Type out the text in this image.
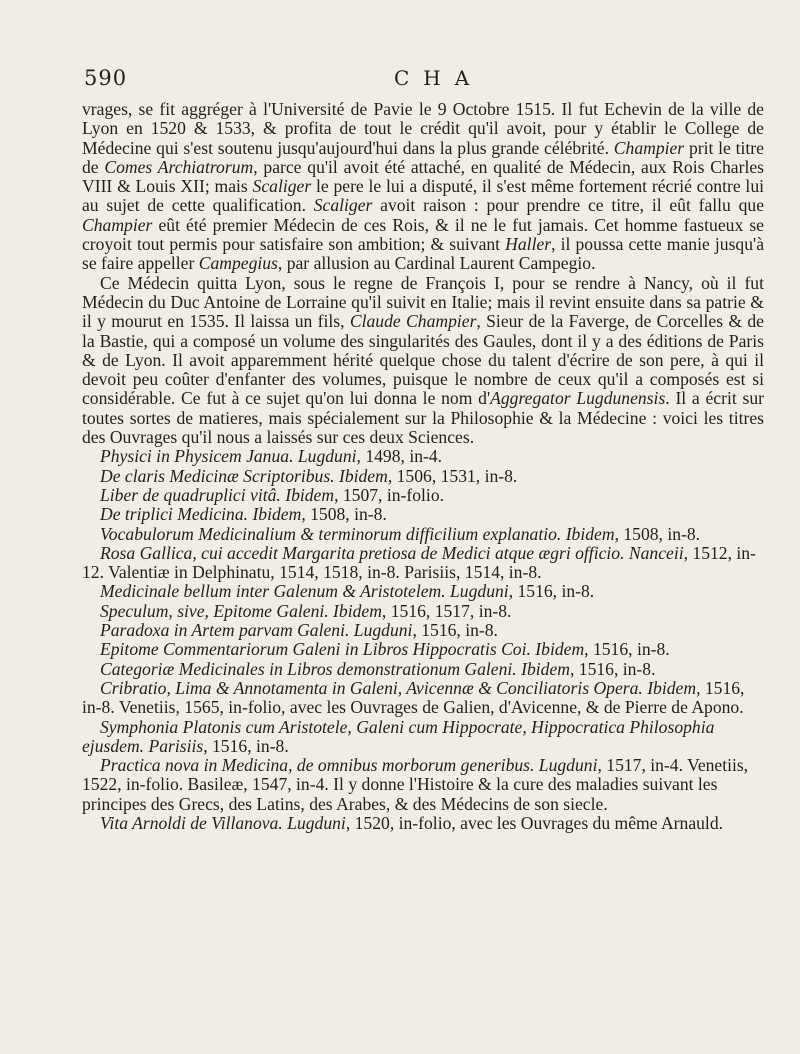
590	CHA

vrages, se fit aggréger à l'Université de Pavie le 9 Octobre 1515. Il fut Echevin de la ville de Lyon en 1520 & 1533, & profita de tout le crédit qu'il avoit, pour y établir le College de Médecine qui s'est soutenu jusqu'aujourd'hui dans la plus grande célébrité. Champier prit le titre de Comes Archiatrorum, parce qu'il avoit été attaché, en qualité de Médecin, aux Rois Charles VIII & Louis XII; mais Scaliger le pere le lui a disputé, il s'est même fortement récrié contre lui au sujet de cette qualification. Scaliger avoit raison : pour prendre ce titre, il eût fallu que Champier eût été premier Médecin de ces Rois, & il ne le fut jamais. Cet homme fastueux se croyoit tout permis pour satisfaire son ambition; & suivant Haller, il poussa cette manie jusqu'à se faire appeller Campegius, par allusion au Cardinal Laurent Campegio.

Ce Médecin quitta Lyon, sous le regne de François I, pour se rendre à Nancy, où il fut Médecin du Duc Antoine de Lorraine qu'il suivit en Italie; mais il revint ensuite dans sa patrie & il y mourut en 1535. Il laissa un fils, Claude Champier, Sieur de la Faverge, de Corcelles & de la Bastie, qui a composé un volume des singularités des Gaules, dont il y a des éditions de Paris & de Lyon. Il avoit apparemment hérité quelque chose du talent d'écrire de son pere, à qui il devoit peu coûter d'enfanter des volumes, puisque le nombre de ceux qu'il a composés est si considérable. Ce fut à ce sujet qu'on lui donna le nom d'Aggregator Lugdunensis. Il a écrit sur toutes sortes de matieres, mais spécialement sur la Philosophie & la Médecine : voici les titres des Ouvrages qu'il nous a laissés sur ces deux Sciences.

Physici in Physicem Janua. Lugduni, 1498, in-4.

De claris Medicinæ Scriptoribus. Ibidem, 1506, 1531, in-8.

Liber de quadruplici vitâ. Ibidem, 1507, in-folio.

De triplici Medicina. Ibidem, 1508, in-8.

Vocabulorum Medicinalium & terminorum difficilium explanatio. Ibidem, 1508, in-8.

Rosa Gallica, cui accedit Margarita pretiosa de Medici atque ægri officio. Nanceii, 1512, in-12. Valentiæ in Delphinatu, 1514, 1518, in-8. Parisiis, 1514, in-8.

Medicinale bellum inter Galenum & Aristotelem. Lugduni, 1516, in-8.

Speculum, sive, Epitome Galeni. Ibidem, 1516, 1517, in-8.

Paradoxa in Artem parvam Galeni. Lugduni, 1516, in-8.

Epitome Commentariorum Galeni in Libros Hippocratis Coi. Ibidem, 1516, in-8.

Categoriæ Medicinales in Libros demonstrationum Galeni. Ibidem, 1516, in-8.

Cribratio, Lima & Annotamenta in Galeni, Avicennæ & Conciliatoris Opera. Ibidem, 1516, in-8. Venetiis, 1565, in-folio, avec les Ouvrages de Galien, d'Avicenne, & de Pierre de Apono.

Symphonia Platonis cum Aristotele, Galeni cum Hippocrate, Hippocratica Philosophia ejusdem. Parisiis, 1516, in-8.

Practica nova in Medicina, de omnibus morborum generibus. Lugduni, 1517, in-4. Venetiis, 1522, in-folio. Basileæ, 1547, in-4. Il y donne l'Histoire & la cure des maladies suivant les principes des Grecs, des Latins, des Arabes, & des Médecins de son siecle.

Vita Arnoldi de Villanova. Lugduni, 1520, in-folio, avec les Ouvrages du même Arnauld.
